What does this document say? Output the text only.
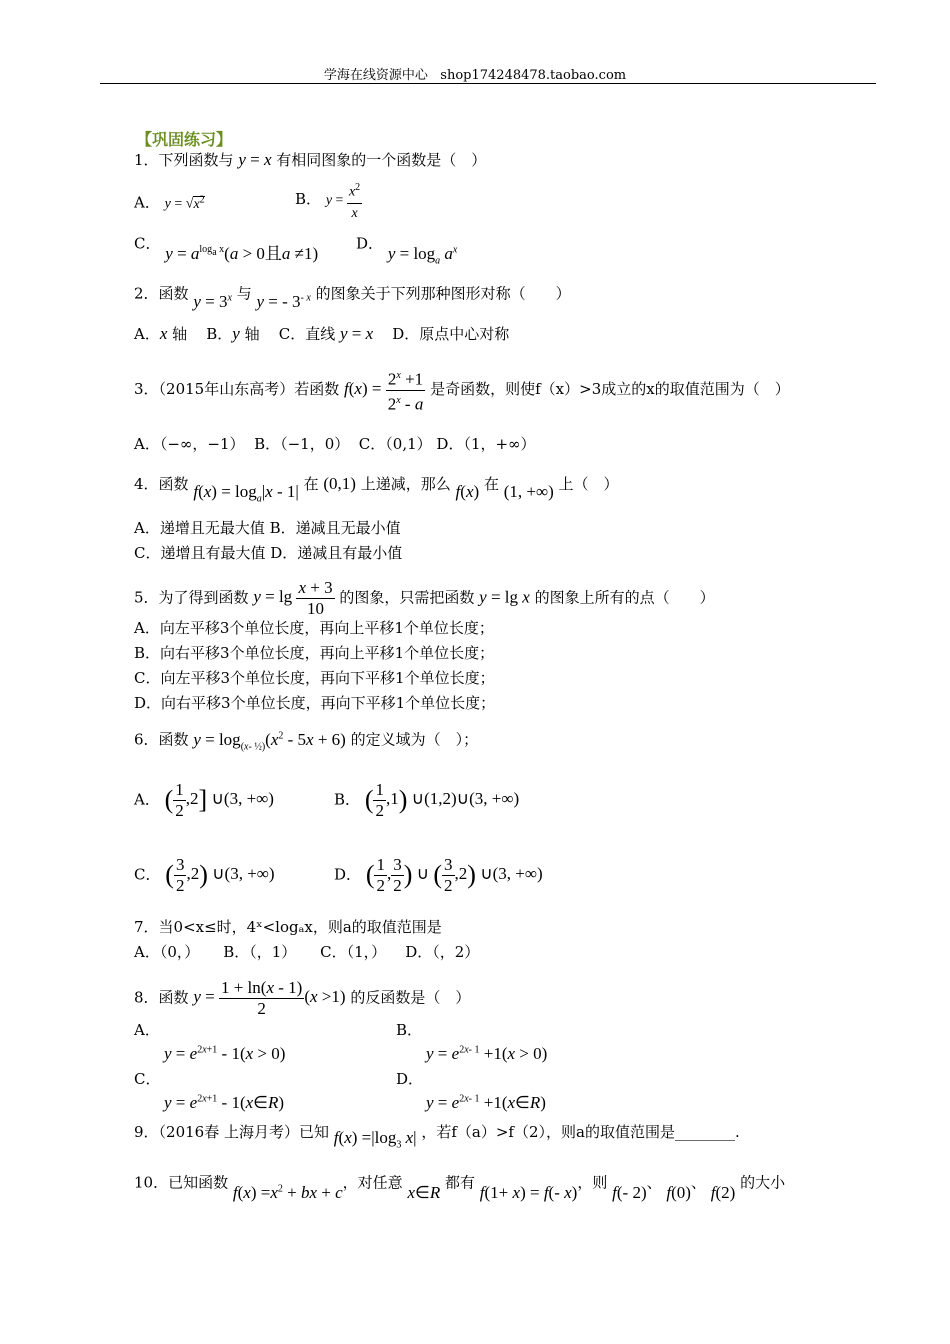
学海在线资源中心 shop174248478.taobao.com
【巩固练习】
1．下列函数与 y = x 有相同图象的一个函数是（　）
A． $y = √x^2$	B． $y = \frac{x^2}{x}$
C． $y = a^{log_a x}(a > 0$且a ≠1)	D． $y = \log_a a^x$
2．函数 $y = 3^x$ 与 y = - $3^{- x}$ 的图象关于下列那种图形对称（　　）
A．x 轴 B．y 轴 C．直线 y = x D．原点中心对称
3．（2015年山东高考）若函数 $f(x) = \frac{2^x +1}{2^x - a}$ 是奇函数，则使f（x）>3成立的x的取值范围为（　）
A．（−∞，−1） B．（−1，0） C．（0,1） D．（1，+∞）
4．函数 $f(x) = \log_a|x - 1|$ 在 (0,1) 上递减，那么 f(x) 在 (1, +∞) 上（　）
A．递增且无最大值 B．递减且无最小值
C．递增且有最大值 D．递减且有最小值
5．为了得到函数 $y = \lg \frac{x + 3}{10}$ 的图象，只需把函数 y = lg x 的图象上所有的点（　　）
A．向左平移3个单位长度，再向上平移1个单位长度；
B．向右平移3个单位长度，再向上平移1个单位长度；
C．向左平移3个单位长度，再向下平移1个单位长度；
D．向右平移3个单位长度，再向下平移1个单位长度；
6．函数 $y = \log_{(x- \frac{1}{2})}(x^2 - 5x + 6)$ 的定义域为（　）；
A． ( $\frac{1}{2} ,2$] ∪(3, +∞)	B． ( $\frac{1}{2} ,1$) ∪(1,2)∪(3, +∞)
C． ( $\frac{3}{2} ,2$) ∪(3, +∞)	D． ( $\frac{1}{2}$ , $\frac{3}{2}$ ) ∪ ( $\frac{3}{2} ,2$) ∪(3, +∞)
7．当0<x≤时，4ˣ<logₐx，则a的取值范围是
A．（0，） B．（，1） C．（1，） D．（，2）
8．函数 $y = \frac{1 + \ln(x - 1)}{2} (x >1)$ 的反函数是（　）
A．
$y = e^{2x+1} - 1(x > 0)$
B．
$y = e^{2x- 1} +1(x > 0)$
C．
$y = e^{2x+1}$ - 1(x∈R)
D．
$y = e^{2x- 1}$ +1(x∈R)
9．（2016春 上海月考）已知 $f(x) =|\log_3$ x| ，若f（a）>f（2），则a的取值范围是________.
10．已知函数 $f(x) =x^2$ + bx + c，对任意 x∈R 都有 f(1+ x) = f(- x)，则 f(- 2)、 f(0)、 f(2) 的大小
